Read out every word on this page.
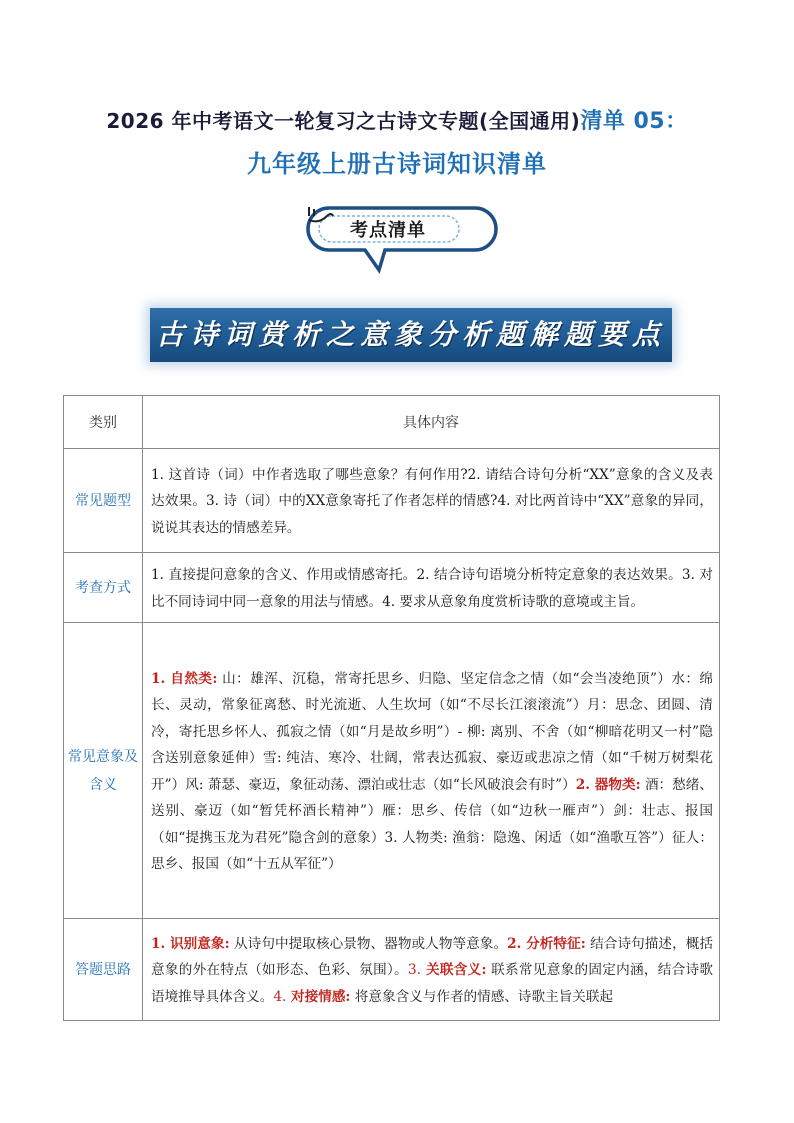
2026 年中考语文一轮复习之古诗文专题(全国通用)清单 05：
九年级上册古诗词知识清单
考点清单
古诗词赏析之意象分析题解题要点
类别	具体内容
常见题型	1. 这首诗（词）中作者选取了哪些意象？有何作用?2. 请结合诗句分析“XX”意象的含义及表达效果。3. 诗（词）中的XX意象寄托了作者怎样的情感?4. 对比两首诗中“XX”意象的异同，说说其表达的情感差异。
考查方式	1. 直接提问意象的含义、作用或情感寄托。2. 结合诗句语境分析特定意象的表达效果。3. 对比不同诗词中同一意象的用法与情感。4. 要求从意象角度赏析诗歌的意境或主旨。
常见意象及含义	1. 自然类: 山：雄浑、沉稳，常寄托思乡、归隐、坚定信念之情（如“会当凌绝顶”）水：绵长、灵动，常象征离愁、时光流逝、人生坎坷（如“不尽长江滚滚流”）月：思念、团圆、清冷，寄托思乡怀人、孤寂之情（如“月是故乡明”）- 柳: 离别、不舍（如“柳暗花明又一村”隐含送别意象延伸）雪: 纯洁、寒冷、壮阔，常表达孤寂、豪迈或悲凉之情（如“千树万树梨花开”）风: 萧瑟、豪迈，象征动荡、漂泊或壮志（如“长风破浪会有时”）2. 器物类: 酒：愁绪、送别、豪迈（如“暂凭杯酒长精神”）雁：思乡、传信（如“边秋一雁声”）剑：壮志、报国（如“提携玉龙为君死”隐含剑的意象）3. 人物类: 渔翁：隐逸、闲适（如“渔歌互答”）征人：思乡、报国（如“十五从军征”）
答题思路	1. 识别意象: 从诗句中提取核心景物、器物或人物等意象。2. 分析特征: 结合诗句描述，概括意象的外在特点（如形态、色彩、氛围）。3. 关联含义: 联系常见意象的固定内涵，结合诗歌语境推导具体含义。4. 对接情感: 将意象含义与作者的情感、诗歌主旨关联起
